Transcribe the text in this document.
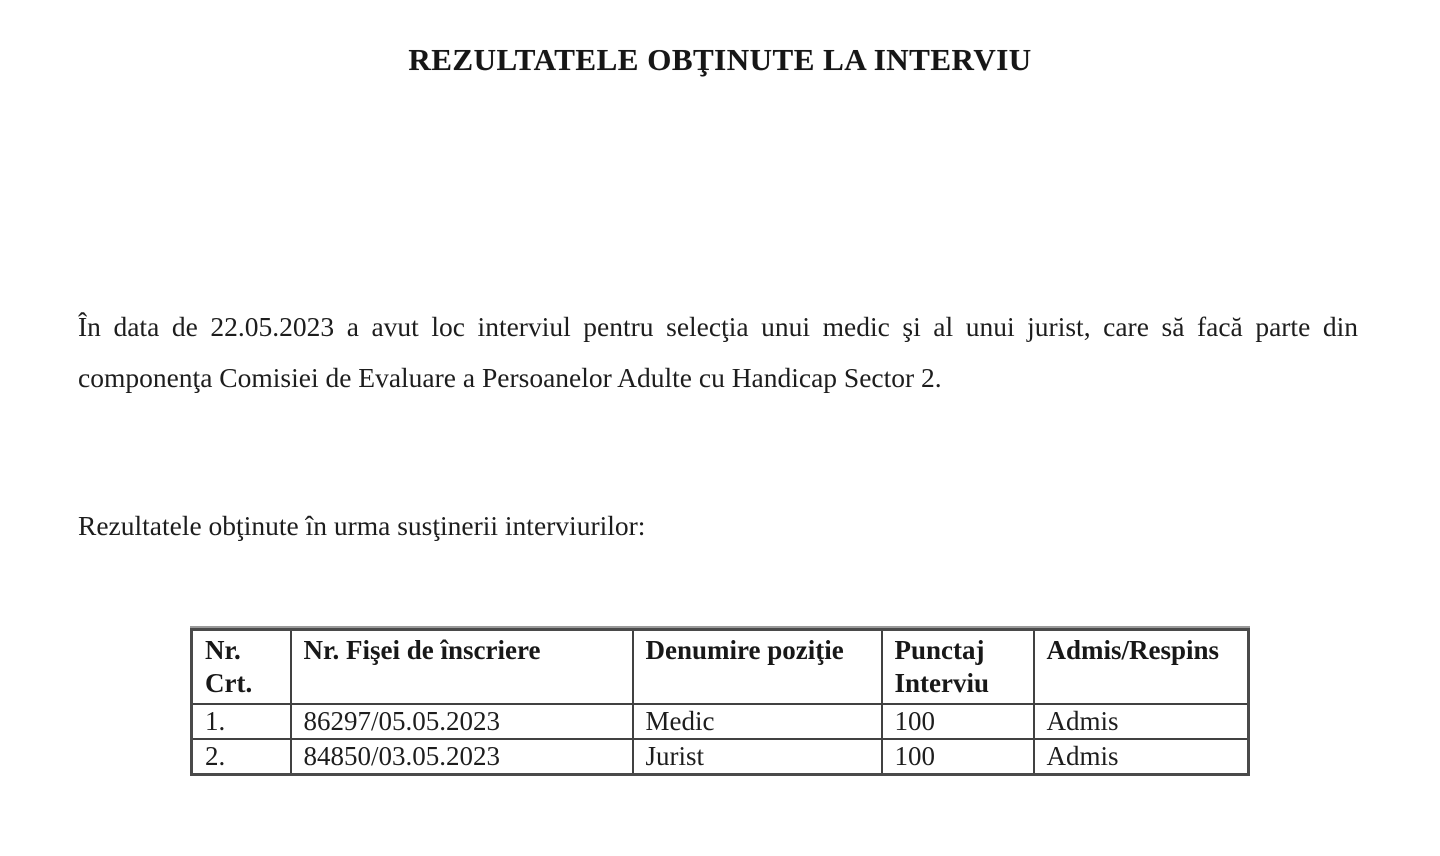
REZULTATELE OBŢINUTE LA INTERVIU
În data de 22.05.2023 a avut loc interviul pentru selecţia unui medic şi al unui jurist, care să facă parte din
componenţa Comisiei de Evaluare a Persoanelor Adulte cu Handicap Sector 2.
Rezultatele obţinute în urma susţinerii interviurilor:
Nr. Crt.	Nr. Fişei de înscriere	Denumire poziţie	Punctaj Interviu	Admis/Respins
1.	86297/05.05.2023	Medic	100	Admis
2.	84850/03.05.2023	Jurist	100	Admis
